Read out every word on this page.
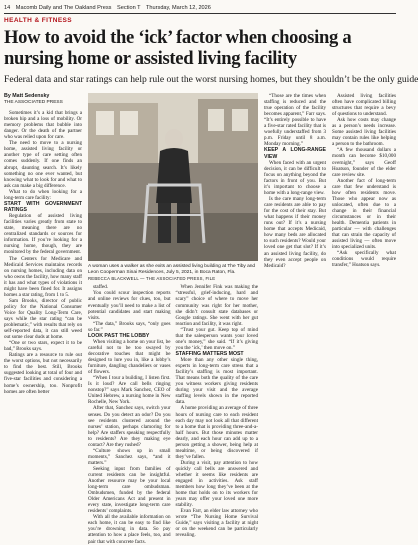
14 Macomb Daily and The Oakland Press Section T Thursday, March 12, 2026
HEALTH & FITNESS
How to avoid the ‘ick’ factor when choosing a nursing home or assisted living facility
Federal data and star ratings can help rule out the worst nursing homes, but they shouldn’t be the only guide
By Matt Sedensky
THE ASSOCIATED PRESS

Sometimes it’s a kid that brings a broken hip and a loss of mobility. Or memory problems that bubble into danger. Or the death of the partner who was relied upon for care.

The need to move to a nursing home, assisted living facility or another type of care setting often comes suddenly. If one finds an abrupt, daunting search. It’s likely something no one ever wanted, but knowing what to look for and what to ask can make a big difference.

What to do when looking for a long-term care facility:

START WITH GOVERNMENT RATINGS

Regulation of assisted living facilities varies greatly from state to state, meaning there are no centralized standards or sources for information. If you’re looking for a nursing home, though, they are monitored by the federal government.

The Centers for Medicare and Medicaid Services maintains records on nursing homes, including data on who owns the facility, how many staff it has and what types of violations it might have been fined for. It assigns homes a star rating, from 1 to 5.

Sam Brooks, director of public policy for the National Consumer Voice for Quality Long-Term Care, says while the star rating “can be problematic,” with results that rely on self-reported data, it can still weed out some clear duds at home.

“One or two stars, expect it to be bad,” Brooks says.

Ratings are a resource to rule out the worst options, but not necessarily to find the best. Still, Brooks suggested looking at total of four and five-star facilities and considering a home’s ownership, too. Nonprofit homes are often better

A woman uses a walker as she exits an assisted living building at The Tiby and Leon Cooperman Sinai Residences, July 5, 2021, in Boca Raton, Fla.
REBECCA BLACKWELL — THE ASSOCIATED PRESS, FILE

staffed.

You could scour inspection reports and online reviews for clues, too, but eventually you’ll need to make a list of potential candidates and start making visits.

“The data,” Brooks says, “only goes so far.”

LOOK PAST THE LOBBY

When visiting a home on your list, be careful not to be too swayed by decorative touches that might be designed to lure you in, like a lobby’s furniture, dangling chandeliers or vases of flowers.

“When I tour a building, I listen first. Is it loud? Are call bells ringing nonstop?” says Mark Sanchez, CEO of United Hebrew, a nursing home in New Rochelle, New York.

After that, Sanchez says, switch your senses. Do you detect an odor? Do you see residents clustered around the nurses’ station, perhaps clamoring for help? Are staffers speaking respectfully to residents? Are they making eye contact? Are they rushed?

“Culture shows up in small moments,” Sanchez says, “and it matters.”

Seeking input from families of current residents can be insightful. Another resource may be your local long-term care ombudsman. Ombudsmen, funded by the federal Older Americans Act and present in every state, investigate long-term care residents’ complaints.

With all the available information on each home, it can be easy to find like you’re drowning in data. So pay attention to how a place feels, too, and pair that with concrete facts.

When Jennifer Fink was making the “stressful, grief-inducing, hard and scary” choice of where to move her community was right for her mother, she didn’t consult state databases or Google ratings. She went with her gut reaction and facility, it was right.

“Trust your gut. Keep top of mind that the salesperson wants your loved one’s money,” she said. “If it’s giving you the ‘ick,’ then move on.”

STAFFING MATTERS MOST

More than any other single thing, experts in long-term care stress that a facility’s staffing is most important. That means both the quality of the care you witness workers giving residents during your visit and the average staffing levels shown in the reported data.

A home providing an average of three hours of nursing care to each resident each day may not look all that different to a home that is providing three-and-a-half hours. But those minutes matter dearly, and each hour can add up to a person getting a shower, being help at mealtime, or being discovered if they’ve fallen.

During a visit, pay attention to how quickly call bells are answered and whether it seems like residents are engaged in activities. Ask staff members how long they’ve been at the home that holds on to its workers for years may offer your loved one more stability.

Evan Farr, an elder law attorney who wrote “The Nursing Home Survival Guide,” says visiting a facility at night or on the weekend can be particularly revealing.

“Those are the times when staffing is reduced and the true operation of the facility becomes apparent,” Farr says. “It’s entirely possible to have a five-star rated facility that is woefully understaffed from 3 p.m. Friday until 8 a.m. Monday morning.”

KEEP A LONG-RANGE VIEW

When faced with an urgent decision, it can be difficult to focus on anything beyond the factors in front of you. But it’s important to choose a home with a long-range view.

Is the care many long-term care residents are able to pay for the cost of their stay. But what happens if their money runs out? If it’s a nursing home that accepts Medicaid, how many beds are allocated to such residents? Would your loved one get that slot? If it’s an assisted living facility, do they even accept people on Medicaid?

Assisted living facilities often have complicated billing structures that require a bevy of questions to understand.

Ask how costs may change as a person’s needs increase. Some assisted living facilities may contain rules like helping a person to the bathroom.

“A few thousand dollars a month can become $10,000 overnight,” says Geoff Hoatson, founder of the elder care review site.

Another fact of long-term care that few understand is how often residents move. Those who appear now as unlocated, often due to a change in their financial circumstances or in their health. Dementia patients in particular — with challenges that can strain the capacity of assisted living — often move into specialized units.

“Ask specifically what conditions would require transfer,” Hoatson says.
